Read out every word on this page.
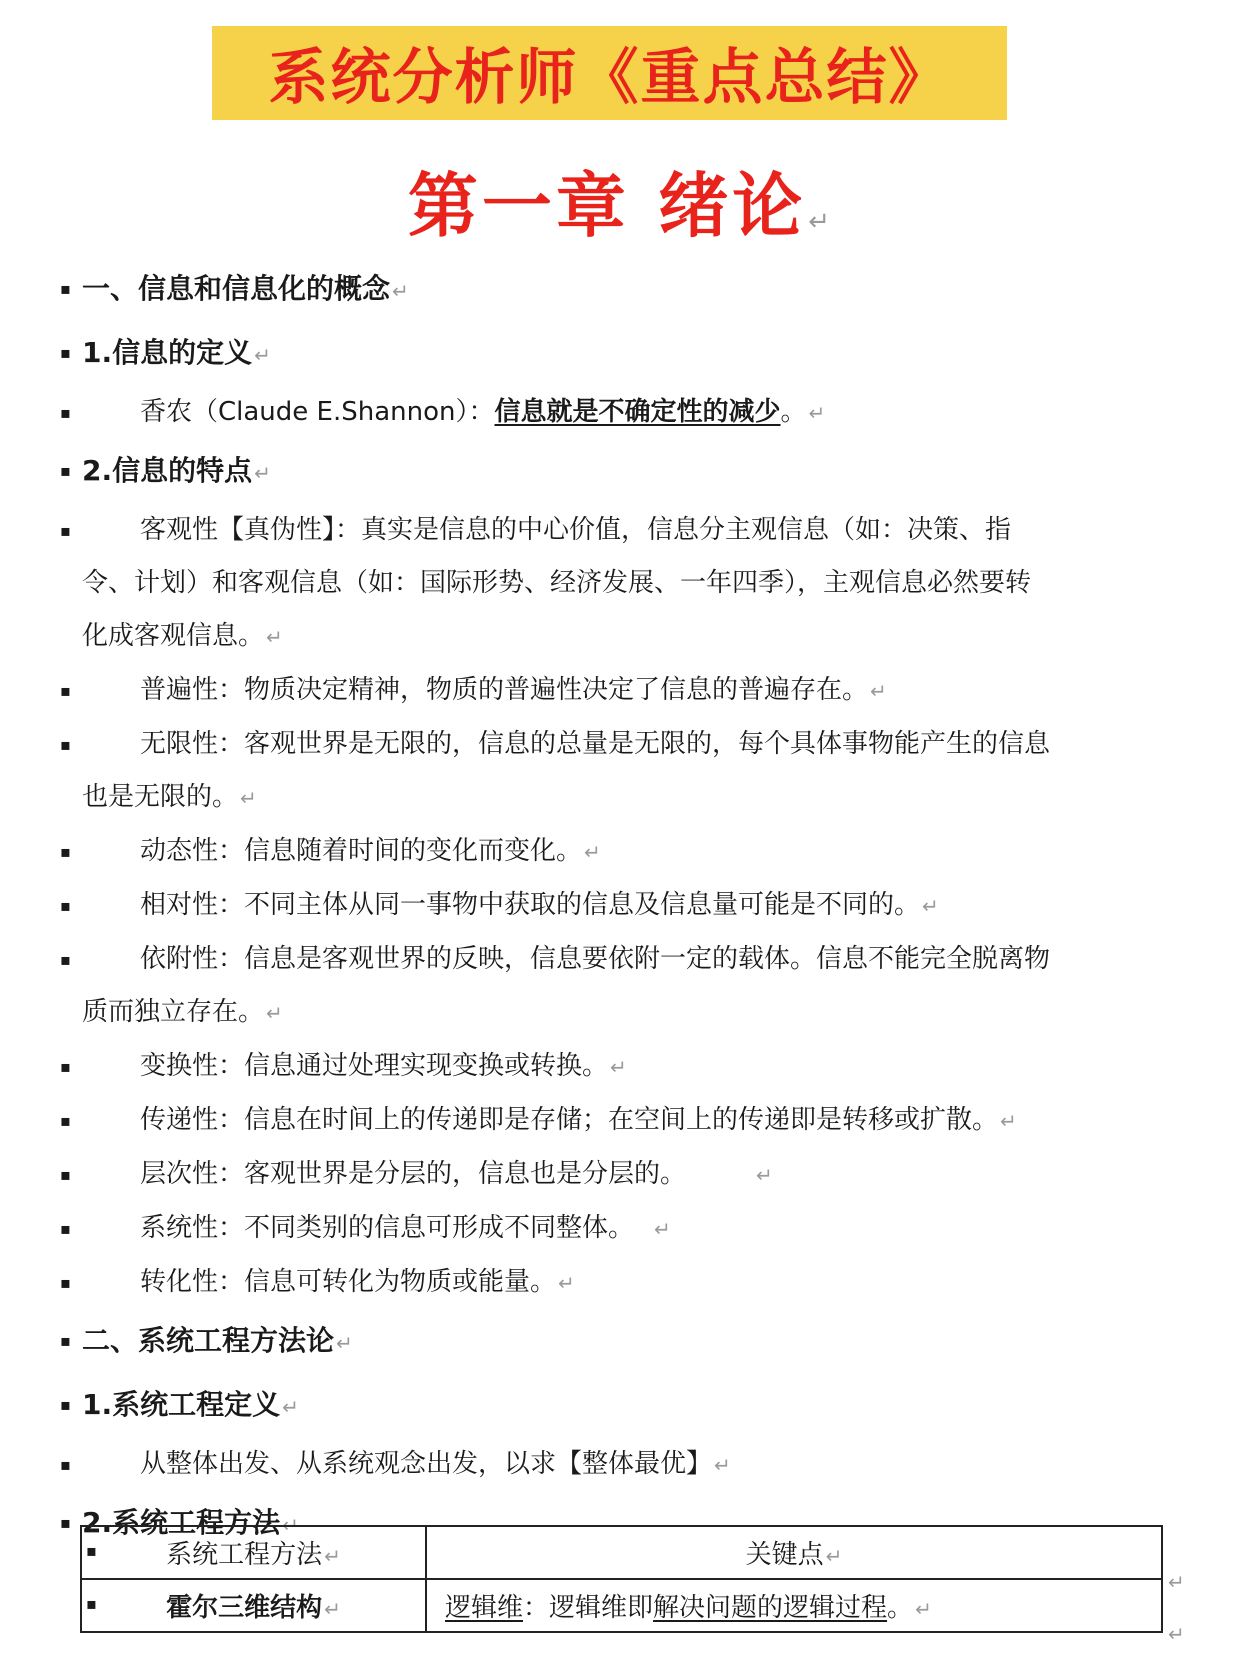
系统分析师《重点总结》
第一章 绪论↵
▪ 一、信息和信息化的概念 ↵
▪ 1.信息的定义 ↵
▪	香农（Claude E.Shannon）：信息就是不确定性的减少。 ↵
▪ 2.信息的特点 ↵
▪	客观性【真伪性】：真实是信息的中心价值，信息分主观信息（如：决策、指
令、计划）和客观信息（如：国际形势、经济发展、一年四季），主观信息必然要转
化成客观信息。 ↵
▪	普遍性：物质决定精神，物质的普遍性决定了信息的普遍存在。 ↵
▪	无限性：客观世界是无限的，信息的总量是无限的，每个具体事物能产生的信息
也是无限的。 ↵
▪	动态性：信息随着时间的变化而变化。 ↵
▪	相对性：不同主体从同一事物中获取的信息及信息量可能是不同的。 ↵
▪	依附性：信息是客观世界的反映，信息要依附一定的载体。信息不能完全脱离物
质而独立存在。 ↵
▪	变换性：信息通过处理实现变换或转换。 ↵
▪	传递性：信息在时间上的传递即是存储；在空间上的传递即是转移或扩散。 ↵
▪	层次性：客观世界是分层的，信息也是分层的。	↵
▪	系统性：不同类别的信息可形成不同整体。 ↵
▪	转化性：信息可转化为物质或能量。 ↵
▪ 二、系统工程方法论 ↵
▪ 1.系统工程定义 ↵
▪	从整体出发、从系统观念出发，以求【整体最优】 ↵
▪ 2.系统工程方法 ↵
▪ 系统工程方法 ↵	关键点 ↵

▪ 霍尔三维结构 ↵	逻辑维：逻辑维即解决问题的逻辑过程。 ↵
↵
↵
